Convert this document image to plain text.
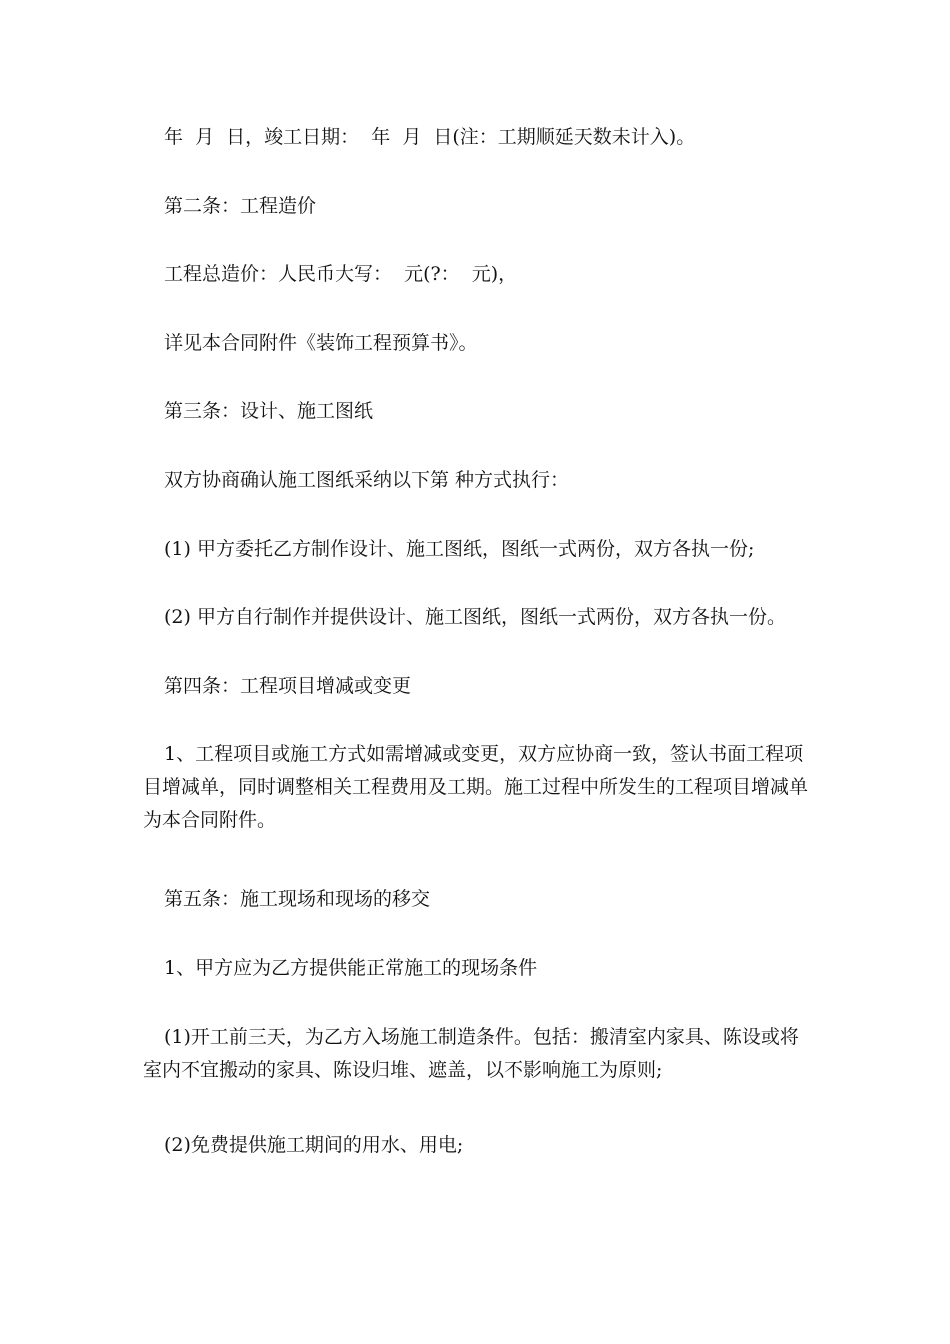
年  月  日，竣工日期：  年  月  日(注：工期顺延天数未计入)。

第二条：工程造价

工程总造价：人民币大写：  元(?：  元)，

详见本合同附件《装饰工程预算书》。

第三条：设计、施工图纸

双方协商确认施工图纸采纳以下第 种方式执行：

(1) 甲方委托乙方制作设计、施工图纸，图纸一式两份，双方各执一份;

(2) 甲方自行制作并提供设计、施工图纸，图纸一式两份，双方各执一份。

第四条：工程项目增减或变更

1、工程项目或施工方式如需增减或变更，双方应协商一致，签认书面工程项目增减单，同时调整相关工程费用及工期。施工过程中所发生的工程项目增减单为本合同附件。

第五条：施工现场和现场的移交

1、甲方应为乙方提供能正常施工的现场条件

(1)开工前三天，为乙方入场施工制造条件。包括：搬清室内家具、陈设或将室内不宜搬动的家具、陈设归堆、遮盖，以不影响施工为原则;

(2)免费提供施工期间的用水、用电;
